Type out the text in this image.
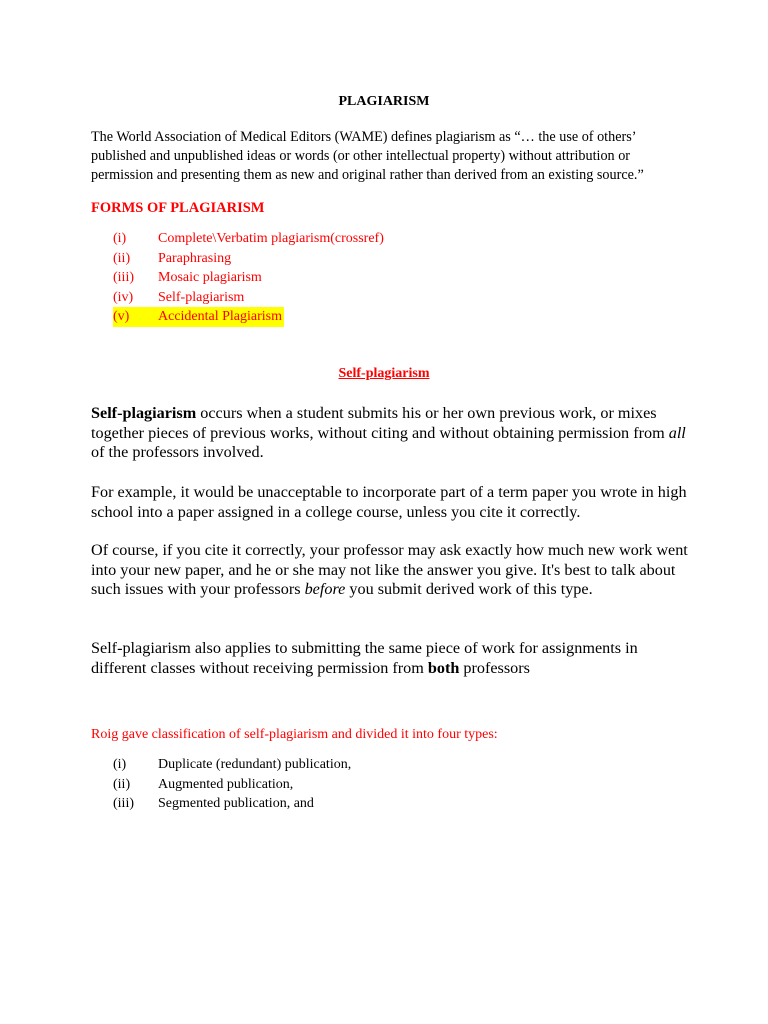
PLAGIARISM
The World Association of Medical Editors (WAME) defines plagiarism as “… the use of others’ published and unpublished ideas or words (or other intellectual property) without attribution or permission and presenting them as new and original rather than derived from an existing source.”
FORMS OF PLAGIARISM
(i)	Complete\Verbatim plagiarism(crossref)
(ii)	Paraphrasing
(iii)	Mosaic plagiarism
(iv)	Self-plagiarism
(v)	Accidental Plagiarism
Self-plagiarism
Self-plagiarism occurs when a student submits his or her own previous work, or mixes together pieces of previous works, without citing and without obtaining permission from all of the professors involved.
For example, it would be unacceptable to incorporate part of a term paper you wrote in high school into a paper assigned in a college course, unless you cite it correctly.
Of course, if you cite it correctly, your professor may ask exactly how much new work went into your new paper, and he or she may not like the answer you give. It's best to talk about such issues with your professors before you submit derived work of this type.
Self-plagiarism also applies to submitting the same piece of work for assignments in different classes without receiving permission from both professors
Roig gave classification of self-plagiarism and divided it into four types:
(i)	Duplicate (redundant) publication,
(ii)	Augmented publication,
(iii)	Segmented publication, and
